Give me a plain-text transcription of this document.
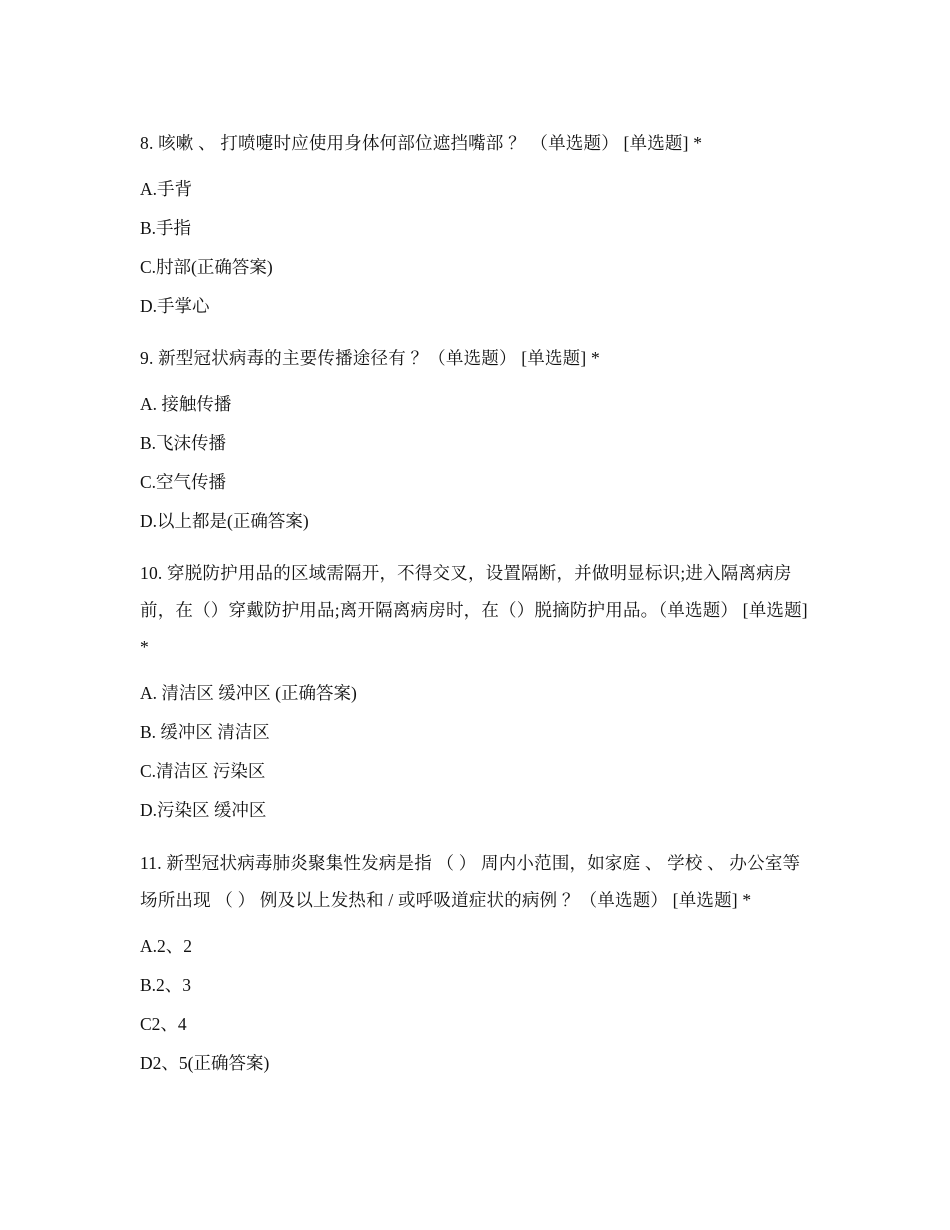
8. 咳嗽 、 打喷嚏时应使用身体何部位遮挡嘴部 ？ （单选题） [单选题] *

A.手背

B.手指

C.肘部(正确答案)

D.手掌心

9. 新型冠状病毒的主要传播途径有 ？（单选题） [单选题] *

A. 接触传播

B.飞沫传播

C.空气传播

D.以上都是(正确答案)

10. 穿脱防护用品的区域需隔开，不得交叉，设置隔断，并做明显标识;进入隔离病房前，在（）穿戴防护用品;离开隔离病房时，在（）脱摘防护用品。（单选题） [单选题] *

A. 清洁区 缓冲区 (正确答案)

B. 缓冲区 清洁区

C.清洁区 污染区

D.污染区 缓冲区

11. 新型冠状病毒肺炎聚集性发病是指 （ ） 周内小范围，如家庭 、 学校 、 办公室等场所出现 （ ） 例及以上发热和 / 或呼吸道症状的病例 ？（单选题） [单选题] *

A.2、2

B.2、3

C2、4

D2、5(正确答案)
